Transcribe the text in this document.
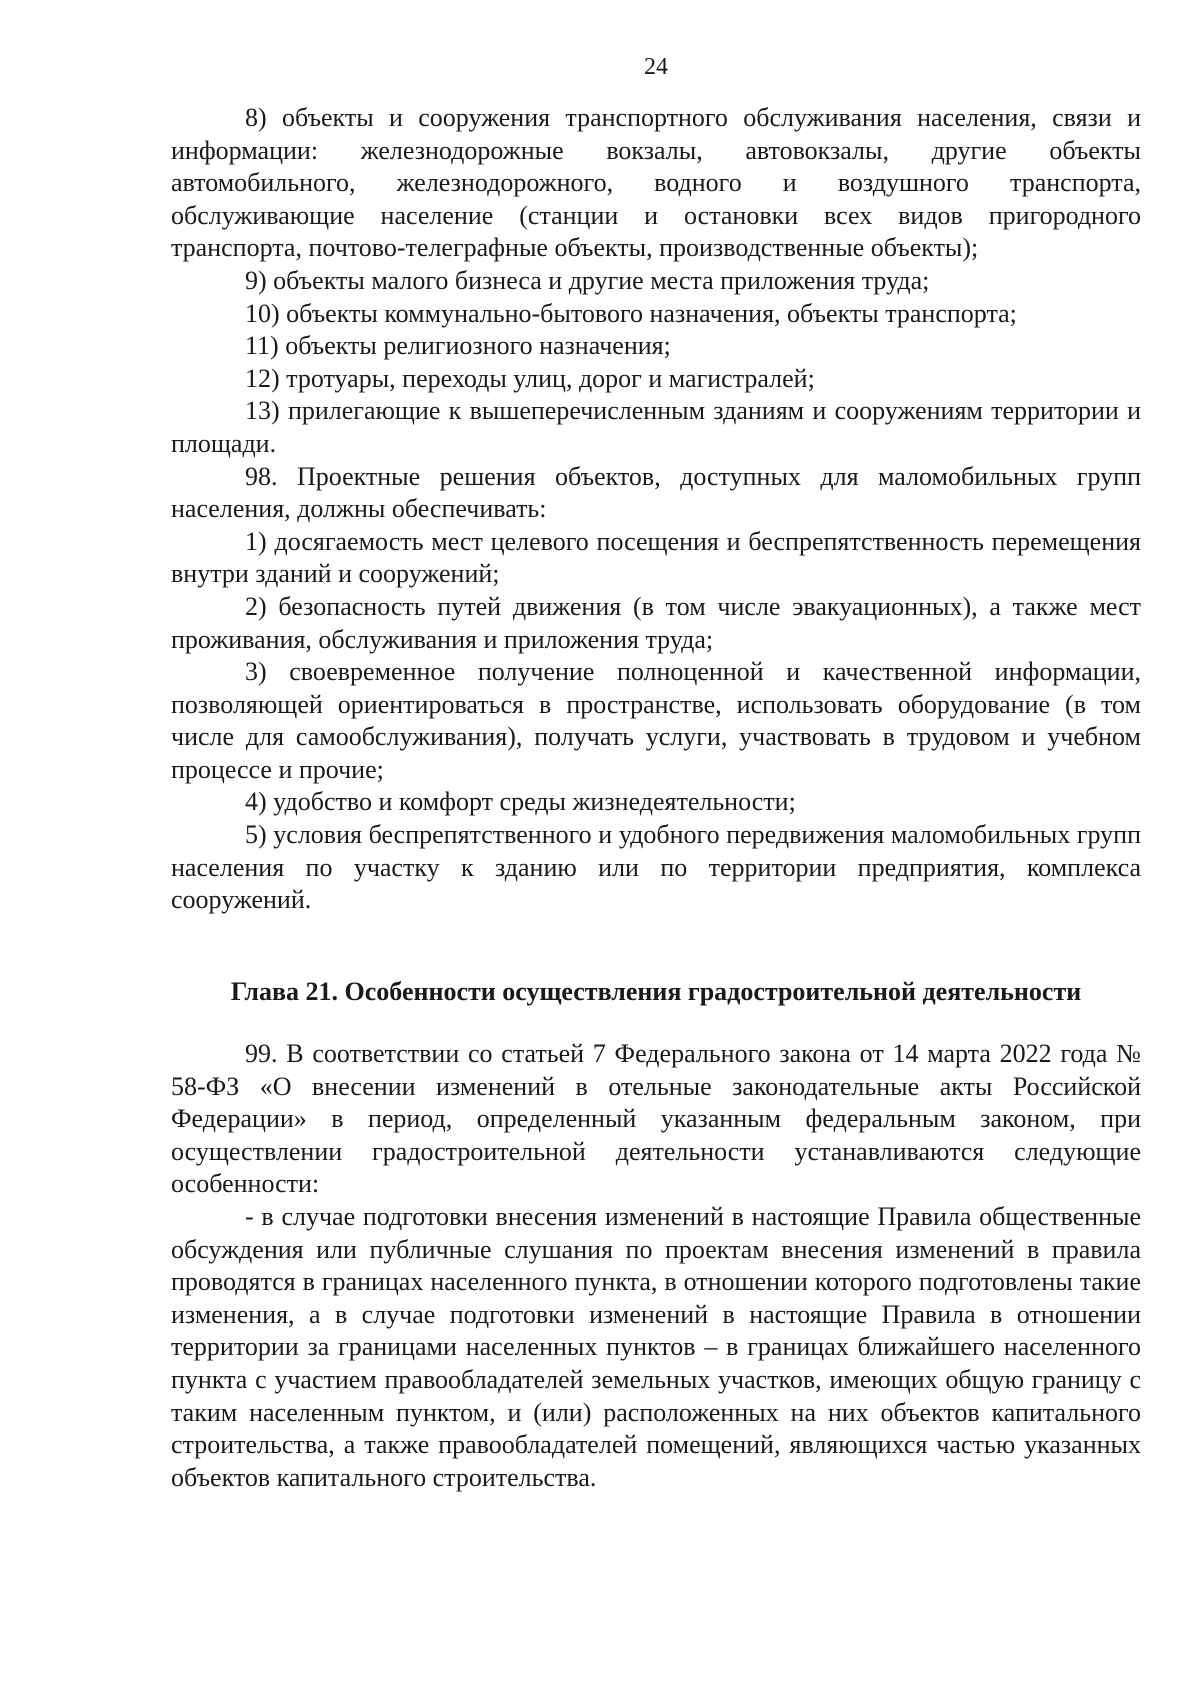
24

8) объекты и сооружения транспортного обслуживания населения, связи и информации: железнодорожные вокзалы, автовокзалы, другие объекты автомобильного, железнодорожного, водного и воздушного транспорта, обслуживающие население (станции и остановки всех видов пригородного транспорта, почтово-телеграфные объекты, производственные объекты);

9) объекты малого бизнеса и другие места приложения труда;

10) объекты коммунально-бытового назначения, объекты транспорта;

11) объекты религиозного назначения;

12) тротуары, переходы улиц, дорог и магистралей;

13) прилегающие к вышеперечисленным зданиям и сооружениям территории и площади.

98. Проектные решения объектов, доступных для маломобильных групп населения, должны обеспечивать:

1) досягаемость мест целевого посещения и беспрепятственность перемещения внутри зданий и сооружений;

2) безопасность путей движения (в том числе эвакуационных), а также мест проживания, обслуживания и приложения труда;

3) своевременное получение полноценной и качественной информации, позволяющей ориентироваться в пространстве, использовать оборудование (в том числе для самообслуживания), получать услуги, участвовать в трудовом и учебном процессе и прочие;

4) удобство и комфорт среды жизнедеятельности;

5) условия беспрепятственного и удобного передвижения маломобильных групп населения по участку к зданию или по территории предприятия, комплекса сооружений.

Глава 21. Особенности осуществления градостроительной деятельности

99. В соответствии со статьей 7 Федерального закона от 14 марта 2022 года № 58-ФЗ «О внесении изменений в отельные законодательные акты Российской Федерации» в период, определенный указанным федеральным законом, при осуществлении градостроительной деятельности устанавливаются следующие особенности:

- в случае подготовки внесения изменений в настоящие Правила общественные обсуждения или публичные слушания по проектам внесения изменений в правила проводятся в границах населенного пункта, в отношении которого подготовлены такие изменения, а в случае подготовки изменений в настоящие Правила в отношении территории за границами населенных пунктов – в границах ближайшего населенного пункта с участием правообладателей земельных участков, имеющих общую границу с таким населенным пунктом, и (или) расположенных на них объектов капитального строительства, а также правообладателей помещений, являющихся частью указанных объектов капитального строительства.
